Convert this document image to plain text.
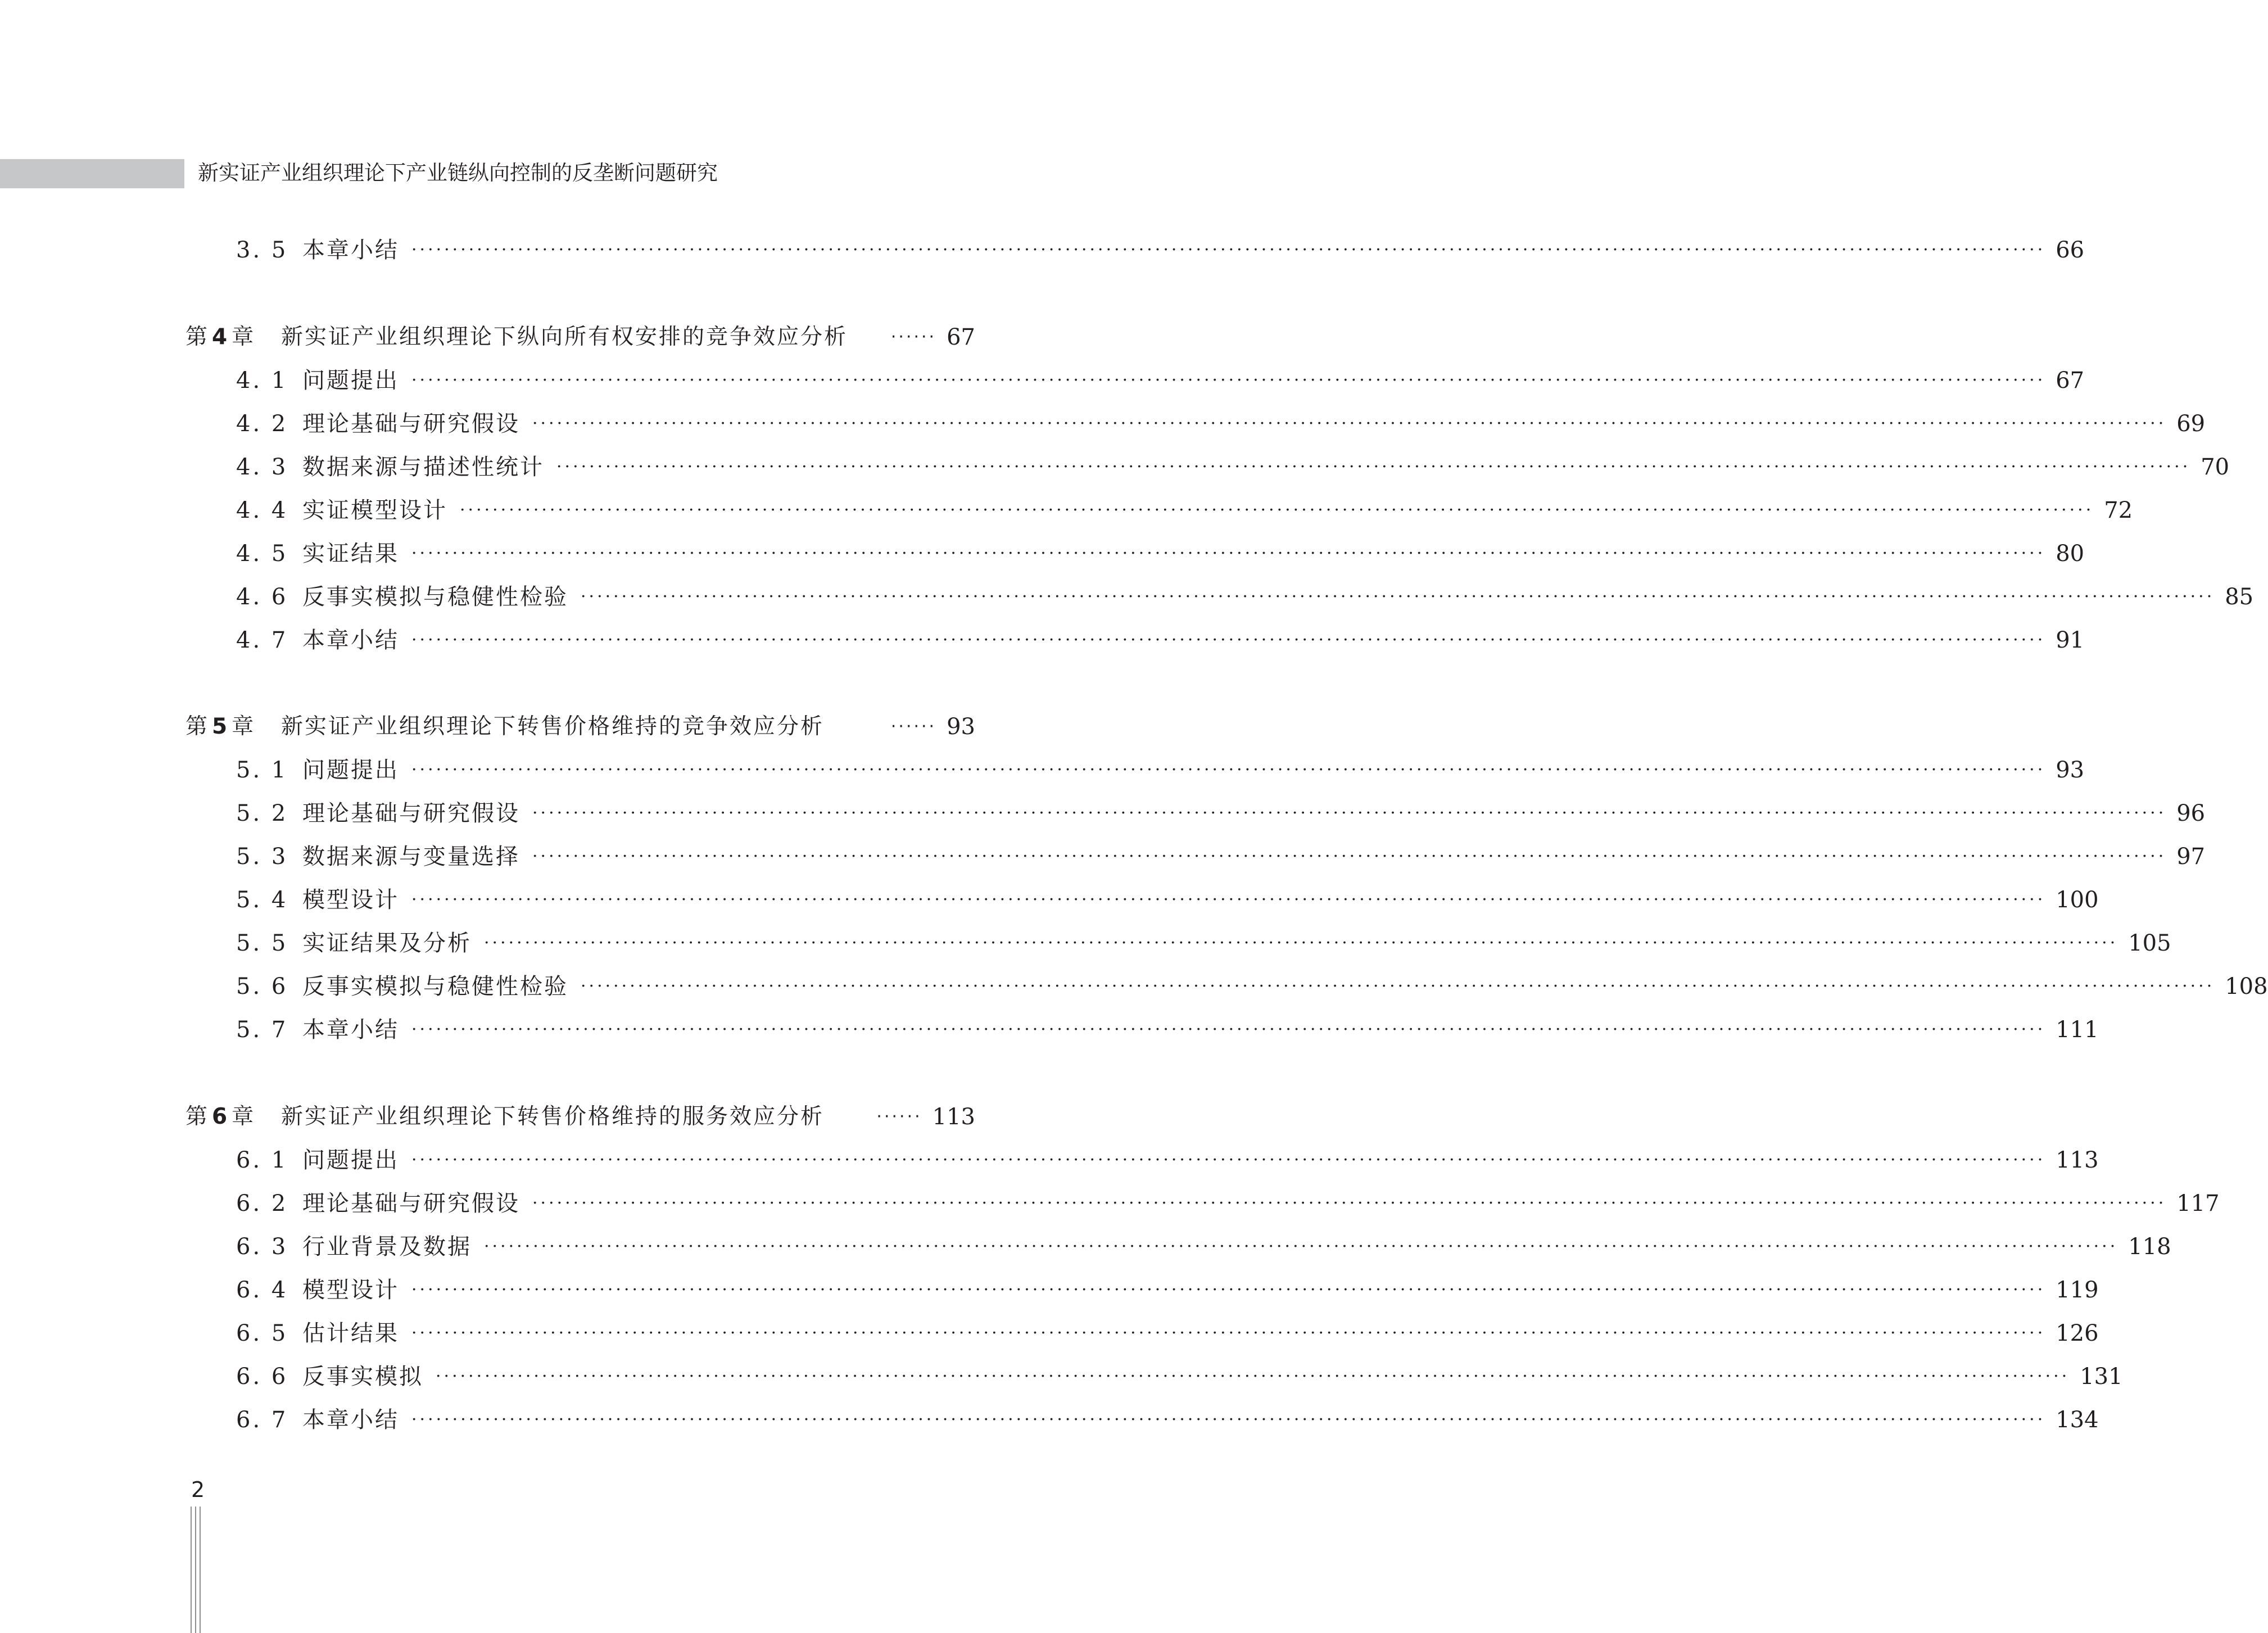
新实证产业组织理论下产业链纵向控制的反垄断问题研究
3. 5 本章小结 ········································································································································································································ 66
第 4 章	新实证产业组织理论下纵向所有权安排的竞争效应分析	······ 67
4. 1 问题提出 ········································································································································································································ 67
4. 2 理论基础与研究假设 ········································································································································································································ 69
4. 3 数据来源与描述性统计 ········································································································································································································ 70
4. 4 实证模型设计 ········································································································································································································ 72
4. 5 实证结果 ········································································································································································································ 80
4. 6 反事实模拟与稳健性检验 ········································································································································································································ 85
4. 7 本章小结 ········································································································································································································ 91
第 5 章	新实证产业组织理论下转售价格维持的竞争效应分析	······ 93
5. 1 问题提出 ········································································································································································································ 93
5. 2 理论基础与研究假设 ········································································································································································································ 96
5. 3 数据来源与变量选择 ········································································································································································································ 97
5. 4 模型设计 ········································································································································································································ 100
5. 5 实证结果及分析 ········································································································································································································ 105
5. 6 反事实模拟与稳健性检验 ········································································································································································································ 108
5. 7 本章小结 ········································································································································································································ 111
第 6 章	新实证产业组织理论下转售价格维持的服务效应分析	······ 113
6. 1 问题提出 ········································································································································································································ 113
6. 2 理论基础与研究假设 ········································································································································································································ 117
6. 3 行业背景及数据 ········································································································································································································ 118
6. 4 模型设计 ········································································································································································································ 119
6. 5 估计结果 ········································································································································································································ 126
6. 6 反事实模拟 ········································································································································································································ 131
6. 7 本章小结 ········································································································································································································ 134
2
